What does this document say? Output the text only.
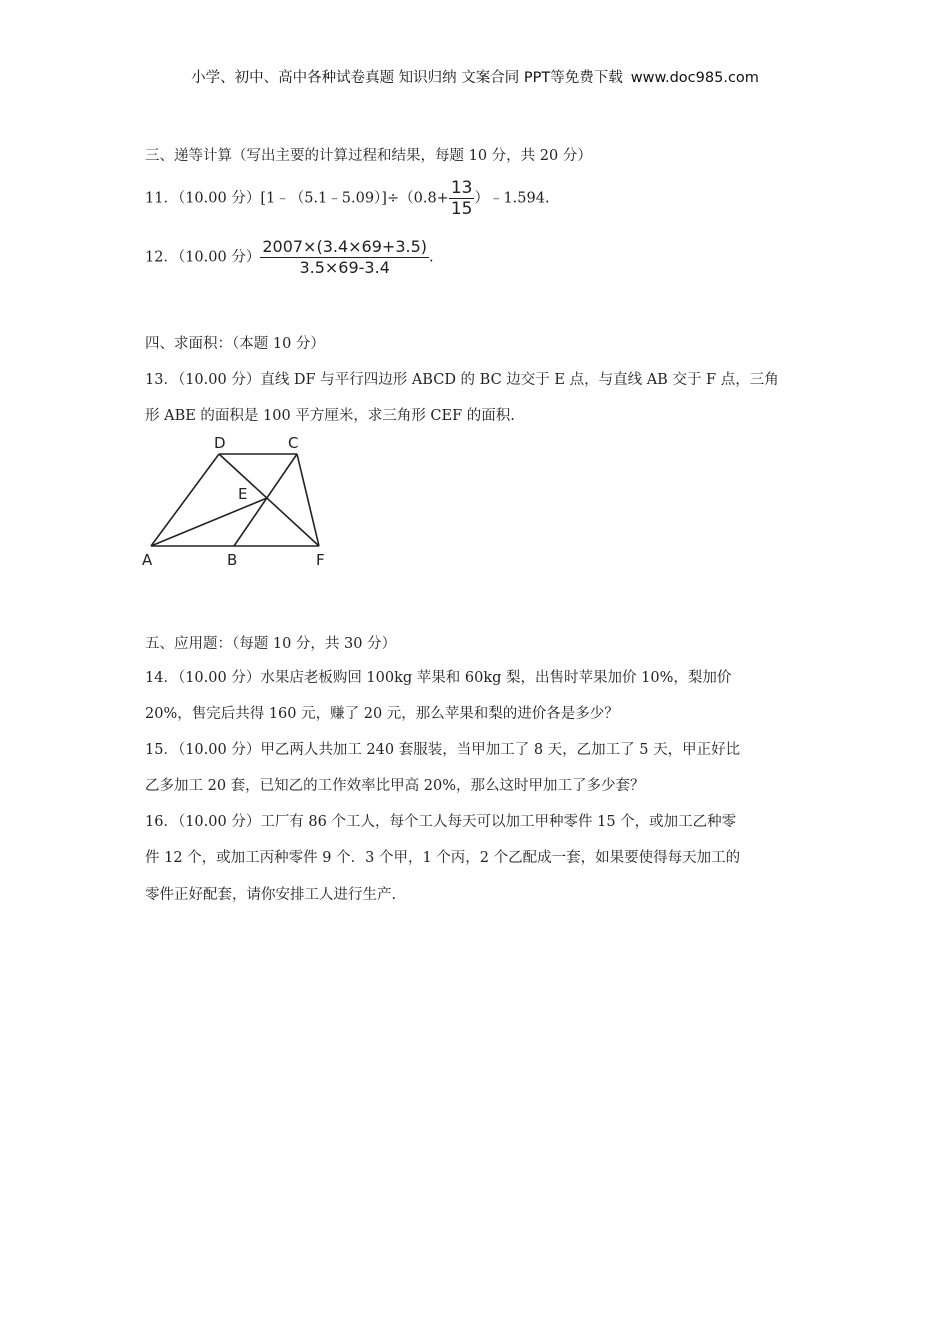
小学、初中、高中各种试卷真题 知识归纳 文案合同 PPT等免费下载 www.doc985.com
三、递等计算（写出主要的计算过程和结果，每题 10 分，共 20 分）
11．（10.00 分）[1﹣（5.1﹣5.09）]÷（0.8+ $\frac{13}{15}$ ）﹣1.594.
12．（10.00 分） $\frac{2007\times(3.4\times 69+3.5)}{3.5\times 69-3.4}$ .
四、求面积：（本题 10 分）
13．（10.00 分）直线 DF 与平行四边形 ABCD 的 BC 边交于 E 点，与直线 AB 交于 F 点，三角
形 ABE 的面积是 100 平方厘米，求三角形 CEF 的面积.
D	C
E
A	B	F
五、应用题：（每题 10 分，共 30 分）
14．（10.00 分）水果店老板购回 100kg 苹果和 60kg 梨，出售时苹果加价 10%，梨加价
20%，售完后共得 160 元，赚了 20 元，那么苹果和梨的进价各是多少？
15．（10.00 分）甲乙两人共加工 240 套服装，当甲加工了 8 天，乙加工了 5 天，甲正好比
乙多加工 20 套，已知乙的工作效率比甲高 20%，那么这时甲加工了多少套？
16．（10.00 分）工厂有 86 个工人，每个工人每天可以加工甲种零件 15 个，或加工乙种零
件 12 个，或加工丙种零件 9 个．3 个甲，1 个丙，2 个乙配成一套，如果要使得每天加工的
零件正好配套，请你安排工人进行生产.
